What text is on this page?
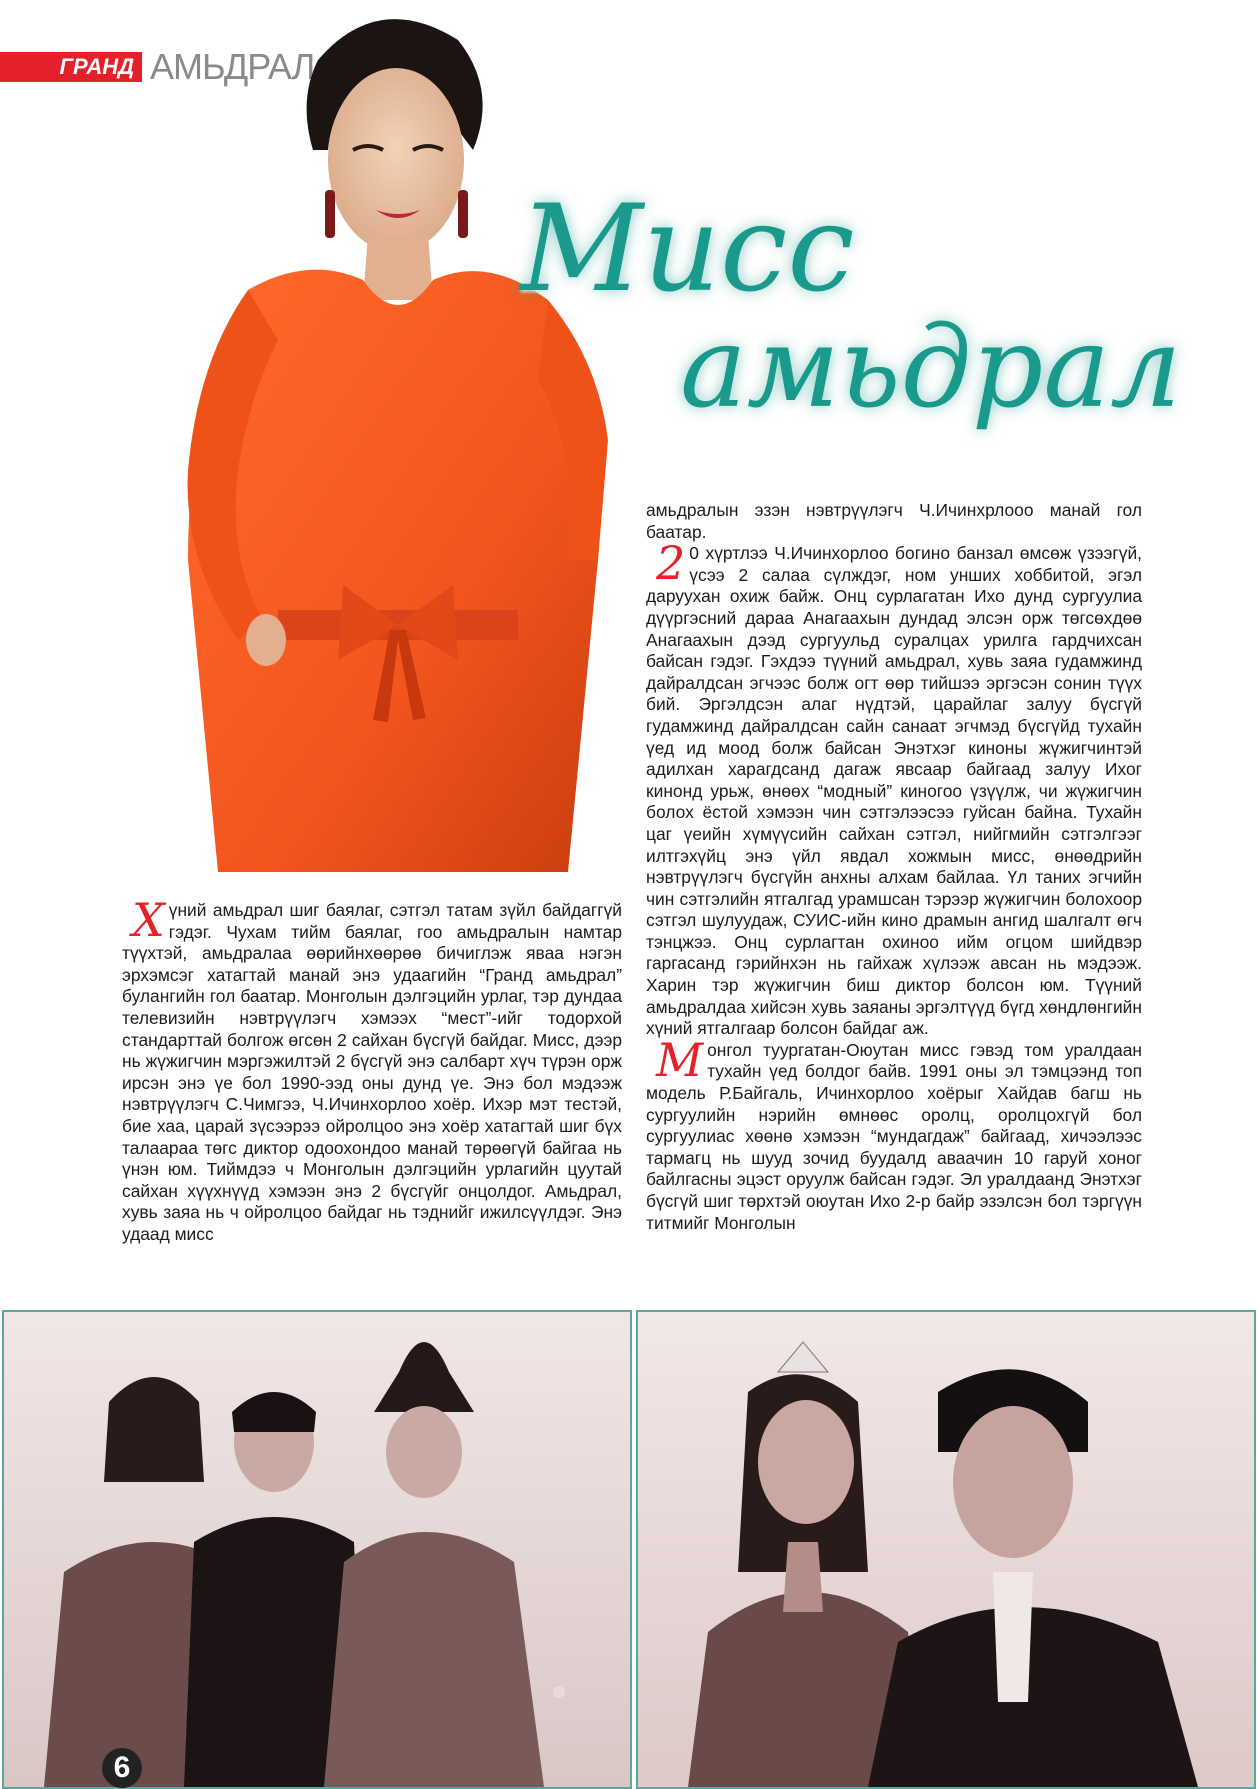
ГРАНД АМЬДРАЛ
Мисс
амьдрал

Хүний амьдрал шиг баялаг, сэтгэл татам зүйл байдаггүй гэдэг. Чухам тийм баялаг, гоо амьдралын намтар түүхтэй, амьдралаа өөрийнхөөрөө бичиглэж яваа нэгэн эрхэмсэг хатагтай манай энэ удаагийн “Гранд амьдрал” булангийн гол баатар. Монголын дэлгэцийн урлаг, тэр дундаа телевизийн нэвтрүүлэгч хэмээх “мест”-ийг тодорхой стандарттай болгож өгсөн 2 сайхан бүсгүй байдаг. Мисс, дээр нь жүжигчин мэргэжилтэй 2 бүсгүй энэ салбарт хүч түрэн орж ирсэн энэ үе бол 1990-ээд оны дунд үе. Энэ бол мэдээж нэвтрүүлэгч С.Чимгээ, Ч.Ичинхорлоо хоёр. Ихэр мэт тестэй, бие хаа, царай зүсээрээ ойролцоо энэ хоёр хатагтай шиг бүх талаараа төгс диктор одоохондоо манай төрөөгүй байгаа нь үнэн юм. Тиймдээ ч Монголын дэлгэцийн урлагийн цуутай сайхан хүүхнүүд хэмээн энэ 2 бүсгүйг онцолдог. Амьдрал, хувь заяа нь ч ойролцоо байдаг нь тэднийг ижилсүүлдэг. Энэ удаад мисс

амьдралын эзэн нэвтрүүлэгч Ч.Ичинхрлоoo манай гол баатар.

2 0 хүртлээ Ч.Ичинхорлоо богино банзал өмсөж үзээгүй, үсээ 2 салаа сүлждэг, ном унших хоббитой, эгэл даруухан охиж байж. Онц сурлагатан Ихо дунд сургуулиа дүүргэсний дараа Анагаахын дундад элсэн орж төгсөхдөө Анагаахын дээд сургуульд суралцах урилга гардчихсан байсан гэдэг. Гэхдээ түүний амьдрал, хувь заяа гудамжинд дайралдсан эгчээс болж огт өөр тийшээ эргэсэн сонин түүх бий. Эргэлдсэн алаг нүдтэй, царайлаг залуу бүсгүй гудамжинд дайралдсан сайн санаат эгчмэд бүсгүйд тухайн үед ид моод болж байсан Энэтхэг киноны жүжигчинтэй адилхан харагдсанд дагаж явсаар байгаад залуу Ихог кинонд урьж, өнөөх “модный” киногоо үзүүлж, чи жүжигчин болох ёстой хэмээн чин сэтгэлээсээ гуйсан байна. Тухайн цаг үеийн хүмүүсийн сайхан сэтгэл, нийгмийн сэтгэлгээг илтгэхүйц энэ үйл явдал хожмын мисс, өнөөдрийн нэвтрүүлэгч бүсгүйн анхны алхам байлаа. Үл таних эгчийн чин сэтгэлийн ятгалгад урамшсан тэрээр жүжигчин болохоор сэтгэл шулуудаж, СУИС-ийн кино драмын ангид шалгалт өгч тэнцжээ. Онц сурлагтан охиноо ийм огцом шийдвэр гаргасанд гэрийнхэн нь гайхаж хүлээж авсан нь мэдээж. Харин тэр жүжигчин биш диктор болсон юм. Түүний амьдралдаа хийсэн хувь заяаны эргэлтүүд бүгд хөндлөнгийн хүний ятгалгаар болсон байдаг аж.

Монгол туургатан-Оюутан мисс гэвэд том уралдаан тухайн үед болдог байв. 1991 оны эл тэмцээнд топ модель Р.Байгаль, Ичинхорлоо хоёрыг Хайдав багш нь сургуулийн нэрийн өмнөөс оролц, оролцохгүй бол сургуулиас хөөнө хэмээн “мундагдаж” байгаад, хичээлээс тармагц нь шууд зочид буудалд аваачин 10 гаруй хоног байлгасны эцэст оруулж байсан гэдэг. Эл уралдаанд Энэтхэг бүсгүй шиг төрхтэй оюутан Ихо 2-р байр эзэлсэн бол тэргүүн титмийг Монголын

6
